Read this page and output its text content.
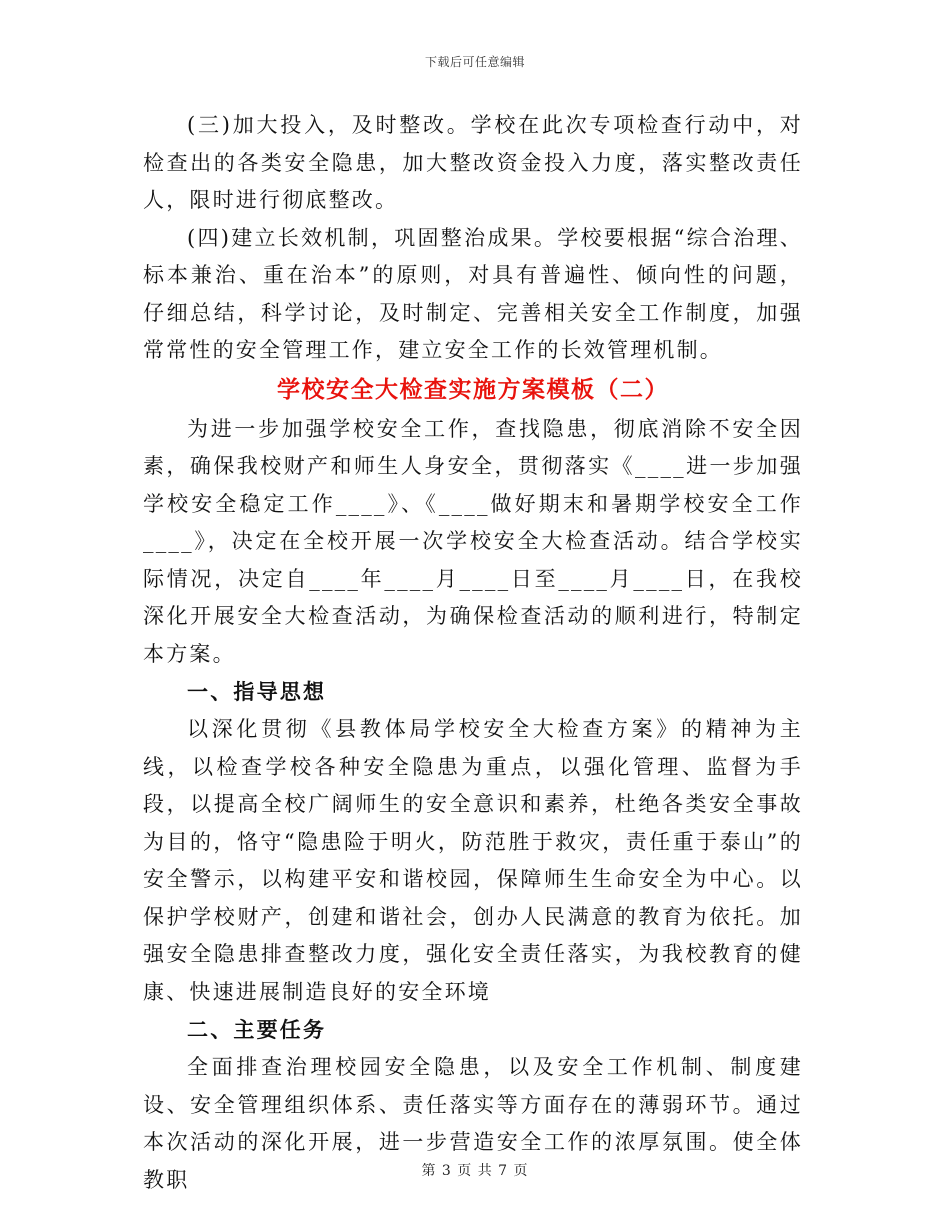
下载后可任意编辑

(三)加大投入，及时整改。学校在此次专项检查行动中，对检查出的各类安全隐患，加大整改资金投入力度，落实整改责任人，限时进行彻底整改。

(四)建立长效机制，巩固整治成果。学校要根据“综合治理、标本兼治、重在治本”的原则，对具有普遍性、倾向性的问题，仔细总结，科学讨论，及时制定、完善相关安全工作制度，加强常常性的安全管理工作，建立安全工作的长效管理机制。

学校安全大检查实施方案模板（二）

为进一步加强学校安全工作，查找隐患，彻底消除不安全因素，确保我校财产和师生人身安全，贯彻落实《____进一步加强学校安全稳定工作____》、《____做好期末和暑期学校安全工作____》，决定在全校开展一次学校安全大检查活动。结合学校实际情况，决定自____年____月____日至____月____日，在我校深化开展安全大检查活动，为确保检查活动的顺利进行，特制定本方案。

一、指导思想

以深化贯彻《县教体局学校安全大检查方案》的精神为主线，以检查学校各种安全隐患为重点，以强化管理、监督为手段，以提高全校广阔师生的安全意识和素养，杜绝各类安全事故为目的，恪守“隐患险于明火，防范胜于救灾，责任重于泰山”的安全警示，以构建平安和谐校园，保障师生生命安全为中心。以保护学校财产，创建和谐社会，创办人民满意的教育为依托。加强安全隐患排查整改力度，强化安全责任落实，为我校教育的健康、快速进展制造良好的安全环境

二、主要任务

全面排查治理校园安全隐患，以及安全工作机制、制度建设、安全管理组织体系、责任落实等方面存在的薄弱环节。通过本次活动的深化开展，进一步营造安全工作的浓厚氛围。使全体教职	第 3 页 共 7 页
